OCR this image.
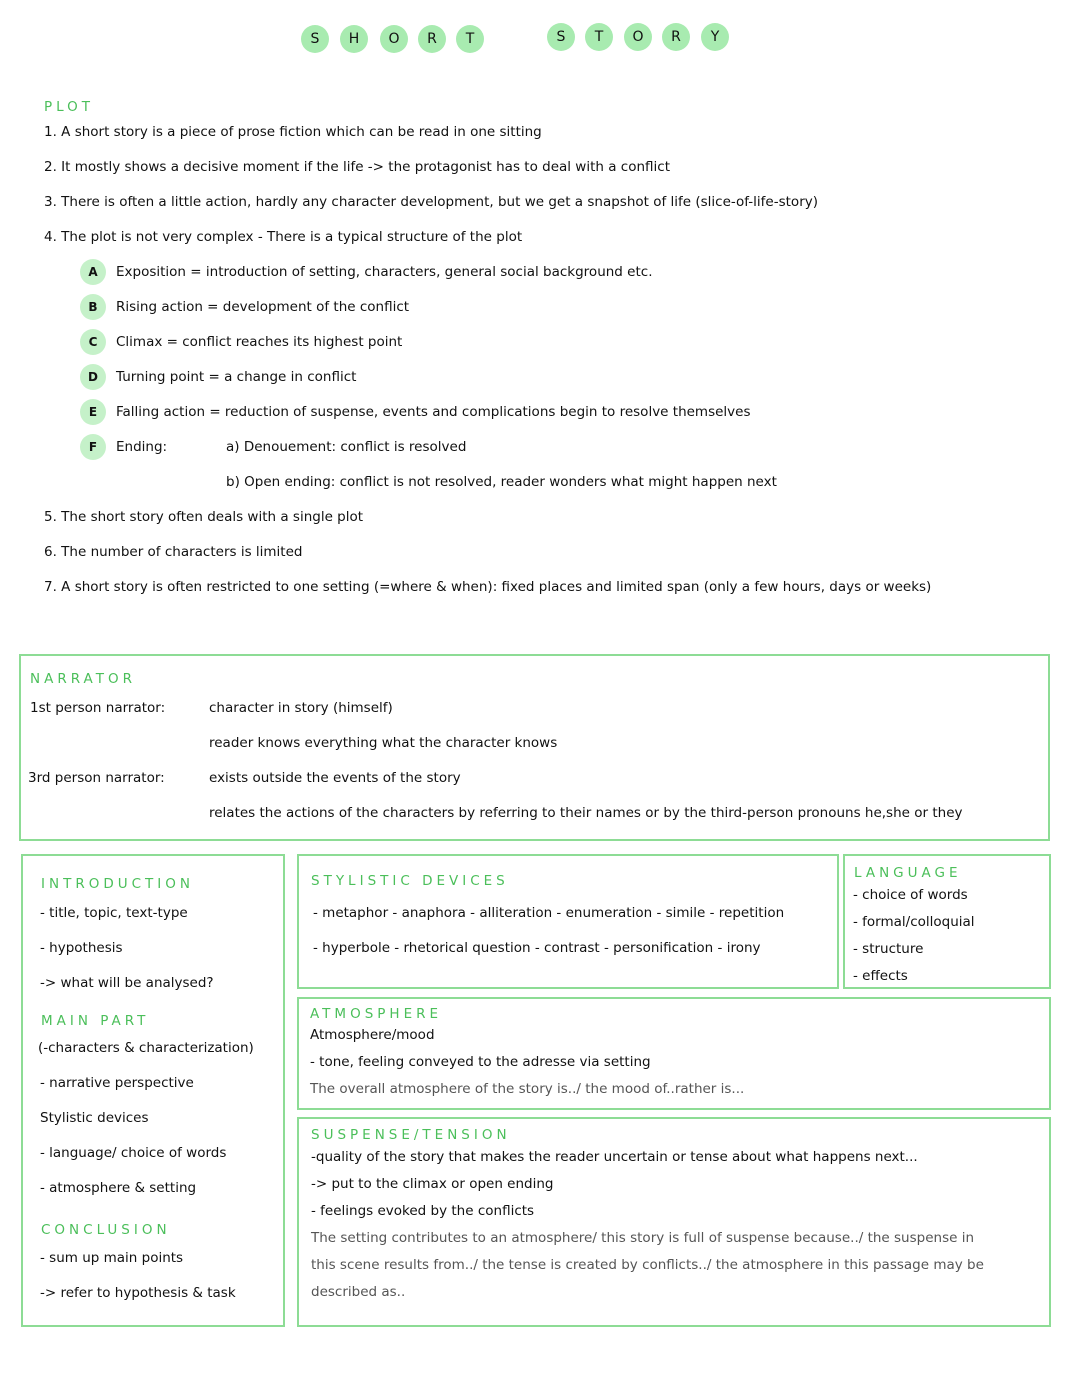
S	H	O	R	T	S	T	O	R	Y
PLOT
1. A short story is a piece of prose fiction which can be read in one sitting
2. It mostly shows a decisive moment if the life -> the protagonist has to deal with a conflict
3. There is often a little action, hardly any character development, but we get a snapshot of life (slice-of-life-story)
4. The plot is not very complex - There is a typical structure of the plot
A	Exposition = introduction of setting, characters, general social background etc.
B	Rising action = development of the conflict
C	Climax = conflict reaches its highest point
D	Turning point = a change in conflict
E	Falling action = reduction of suspense, events and complications begin to resolve themselves
F	Ending:	a) Denouement: conflict is resolved
b) Open ending: conflict is not resolved, reader wonders what might happen next
5. The short story often deals with a single plot
6. The number of characters is limited
7. A short story is often restricted to one setting (=where & when): fixed places and limited span (only a few hours, days or weeks)
NARRATOR
1st person narrator:	character in story (himself)
reader knows everything what the character knows
3rd person narrator:	exists outside the events of the story
relates the actions of the characters by referring to their names or by the third-person pronouns he,she or they
INTRODUCTION
- title, topic, text-type
- hypothesis
-> what will be analysed?
MAIN PART
(-characters & characterization)
- narrative perspective
Stylistic devices
- language/ choice of words
- atmosphere & setting
CONCLUSION
- sum up main points
-> refer to hypothesis & task
STYLISTIC DEVICES
- metaphor - anaphora - alliteration - enumeration - simile - repetition
- hyperbole - rhetorical question - contrast - personification - irony
LANGUAGE
- choice of words
- formal/colloquial
- structure
- effects
ATMOSPHERE
Atmosphere/mood
- tone, feeling conveyed to the adresse via setting
The overall atmosphere of the story is../ the mood of..rather is...
SUSPENSE/TENSION
-quality of the story that makes the reader uncertain or tense about what happens next...
-> put to the climax or open ending
- feelings evoked by the conflicts
The setting contributes to an atmosphere/ this story is full of suspense because../ the suspense in
this scene results from../ the tense is created by conflicts../ the atmosphere in this passage may be
described as..
